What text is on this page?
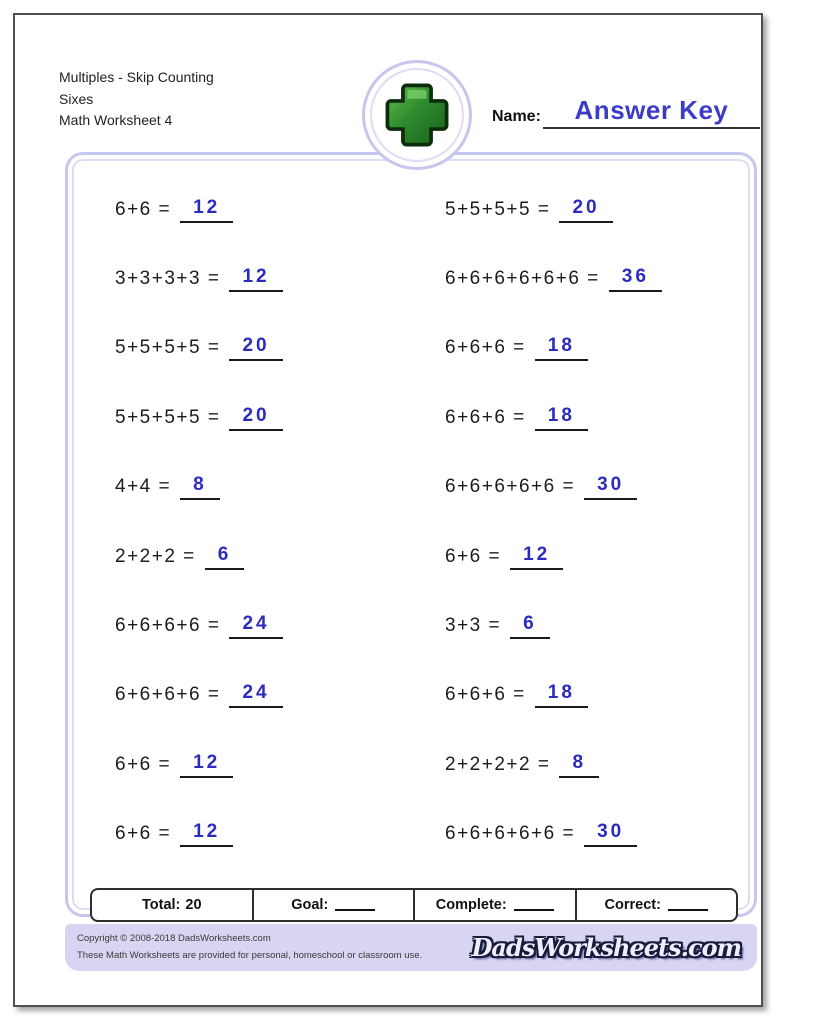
Multiples - Skip Counting
Sixes
Math Worksheet 4	Name:	Answer Key
6+6 =	12
3+3+3+3 =	12
5+5+5+5 =	20
5+5+5+5 =	20
4+4 =	8
2+2+2 =	6
6+6+6+6 =	24
6+6+6+6 =	24
6+6 =	12
6+6 =	12
5+5+5+5 =	20
6+6+6+6+6+6 =	36
6+6+6 =	18
6+6+6 =	18
6+6+6+6+6 =	30
6+6 =	12
3+3 =	6
6+6+6 =	18
2+2+2+2 =	8
6+6+6+6+6 =	30
Total: 20	Goal:	Complete:	Correct:
Copyright © 2008-2018 DadsWorksheets.com
These Math Worksheets are provided for personal, homeschool or classroom use. DadsWorksheets.com
